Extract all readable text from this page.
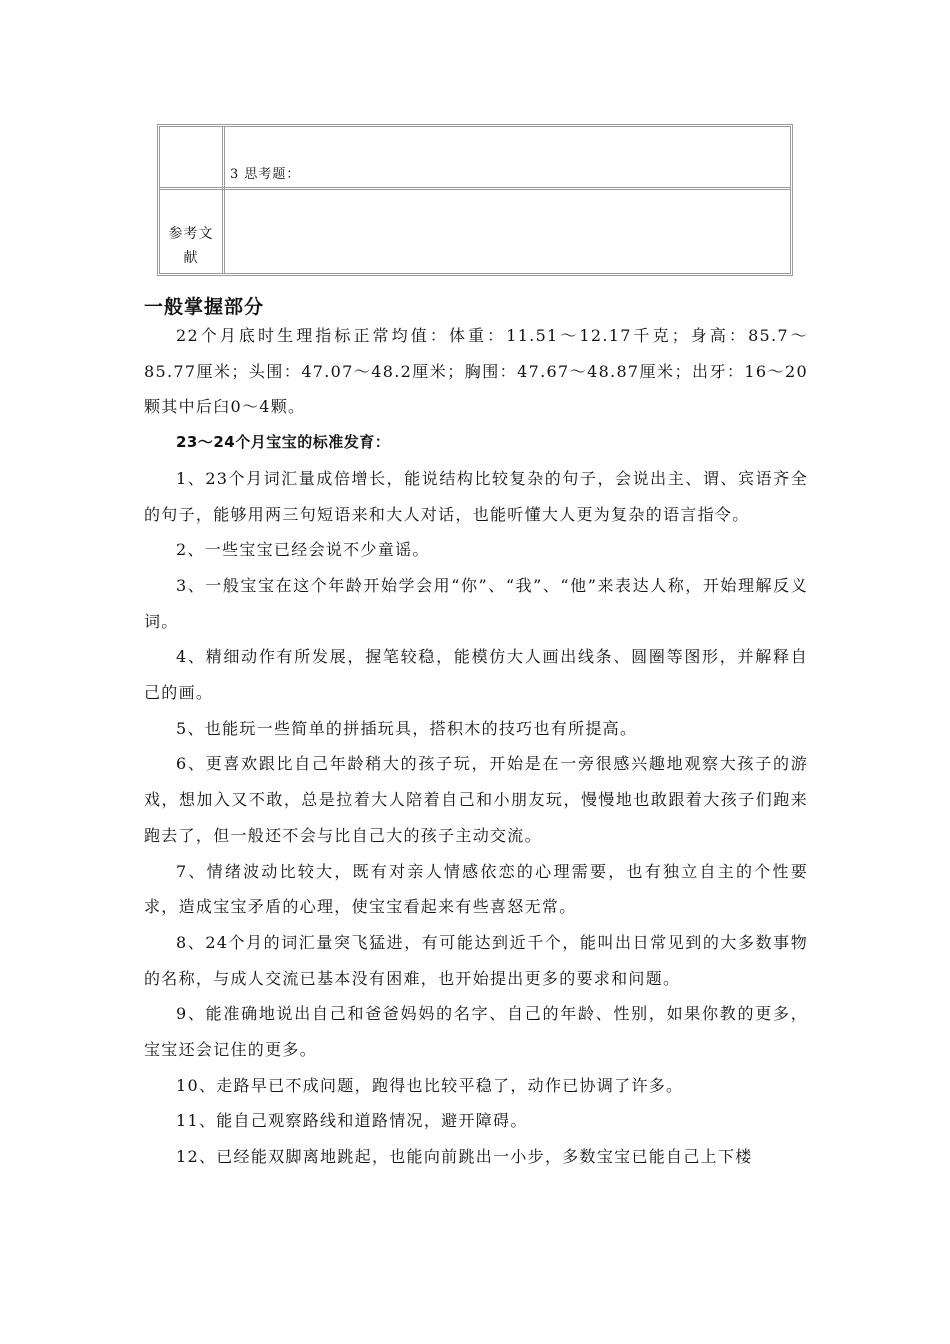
3 思考题：
参考文献
一般掌握部分

22个月底时生理指标正常均值：体重：11.51～12.17千克；身高：85.7～85.77厘米；头围：47.07～48.2厘米；胸围：47.67～48.87厘米；出牙：16～20颗其中后臼0～4颗。

23～24个月宝宝的标准发育：

1、23个月词汇量成倍增长，能说结构比较复杂的句子，会说出主、谓、宾语齐全的句子，能够用两三句短语来和大人对话，也能听懂大人更为复杂的语言指令。

2、一些宝宝已经会说不少童谣。

3、一般宝宝在这个年龄开始学会用“你”、“我”、“他”来表达人称，开始理解反义词。

4、精细动作有所发展，握笔较稳，能模仿大人画出线条、圆圈等图形，并解释自己的画。

5、也能玩一些简单的拼插玩具，搭积木的技巧也有所提高。

6、更喜欢跟比自己年龄稍大的孩子玩，开始是在一旁很感兴趣地观察大孩子的游戏，想加入又不敢，总是拉着大人陪着自己和小朋友玩，慢慢地也敢跟着大孩子们跑来跑去了，但一般还不会与比自己大的孩子主动交流。

7、情绪波动比较大，既有对亲人情感依恋的心理需要，也有独立自主的个性要求，造成宝宝矛盾的心理，使宝宝看起来有些喜怒无常。

8、24个月的词汇量突飞猛进，有可能达到近千个，能叫出日常见到的大多数事物的名称，与成人交流已基本没有困难，也开始提出更多的要求和问题。

9、能准确地说出自己和爸爸妈妈的名字、自己的年龄、性别，如果你教的更多，宝宝还会记住的更多。

10、走路早已不成问题，跑得也比较平稳了，动作已协调了许多。

11、能自己观察路线和道路情况，避开障碍。

12、已经能双脚离地跳起，也能向前跳出一小步，多数宝宝已能自己上下楼
